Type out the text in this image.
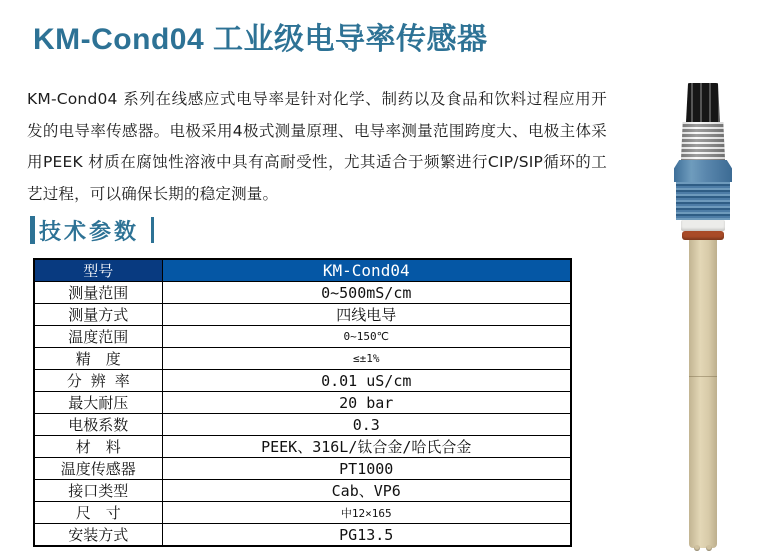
KM-Cond04 工业级电导率传感器
KM-Cond04 系列在线感应式电导率是针对化学、制药以及食品和饮料过程应用开发的电导率传感器。电极采用4极式测量原理、电导率测量范围跨度大、电极主体采用PEEK 材质在腐蚀性溶液中具有高耐受性，尤其适合于频繁进行CIP/SIP循环的工艺过程，可以确保长期的稳定测量。
技术参数
型号	KM-Cond04
测量范围	0~500mS/cm
测量方式	四线电导
温度范围	0~150℃
精　度	≤±1%
分 辨 率	0.01 uS/cm
最大耐压	20 bar
电极系数	0.3
材　料	PEEK、316L/钛合金/哈氏合金
温度传感器	PT1000
接口类型	Cab、VP6
尺　寸	中12×165
安装方式	PG13.5
